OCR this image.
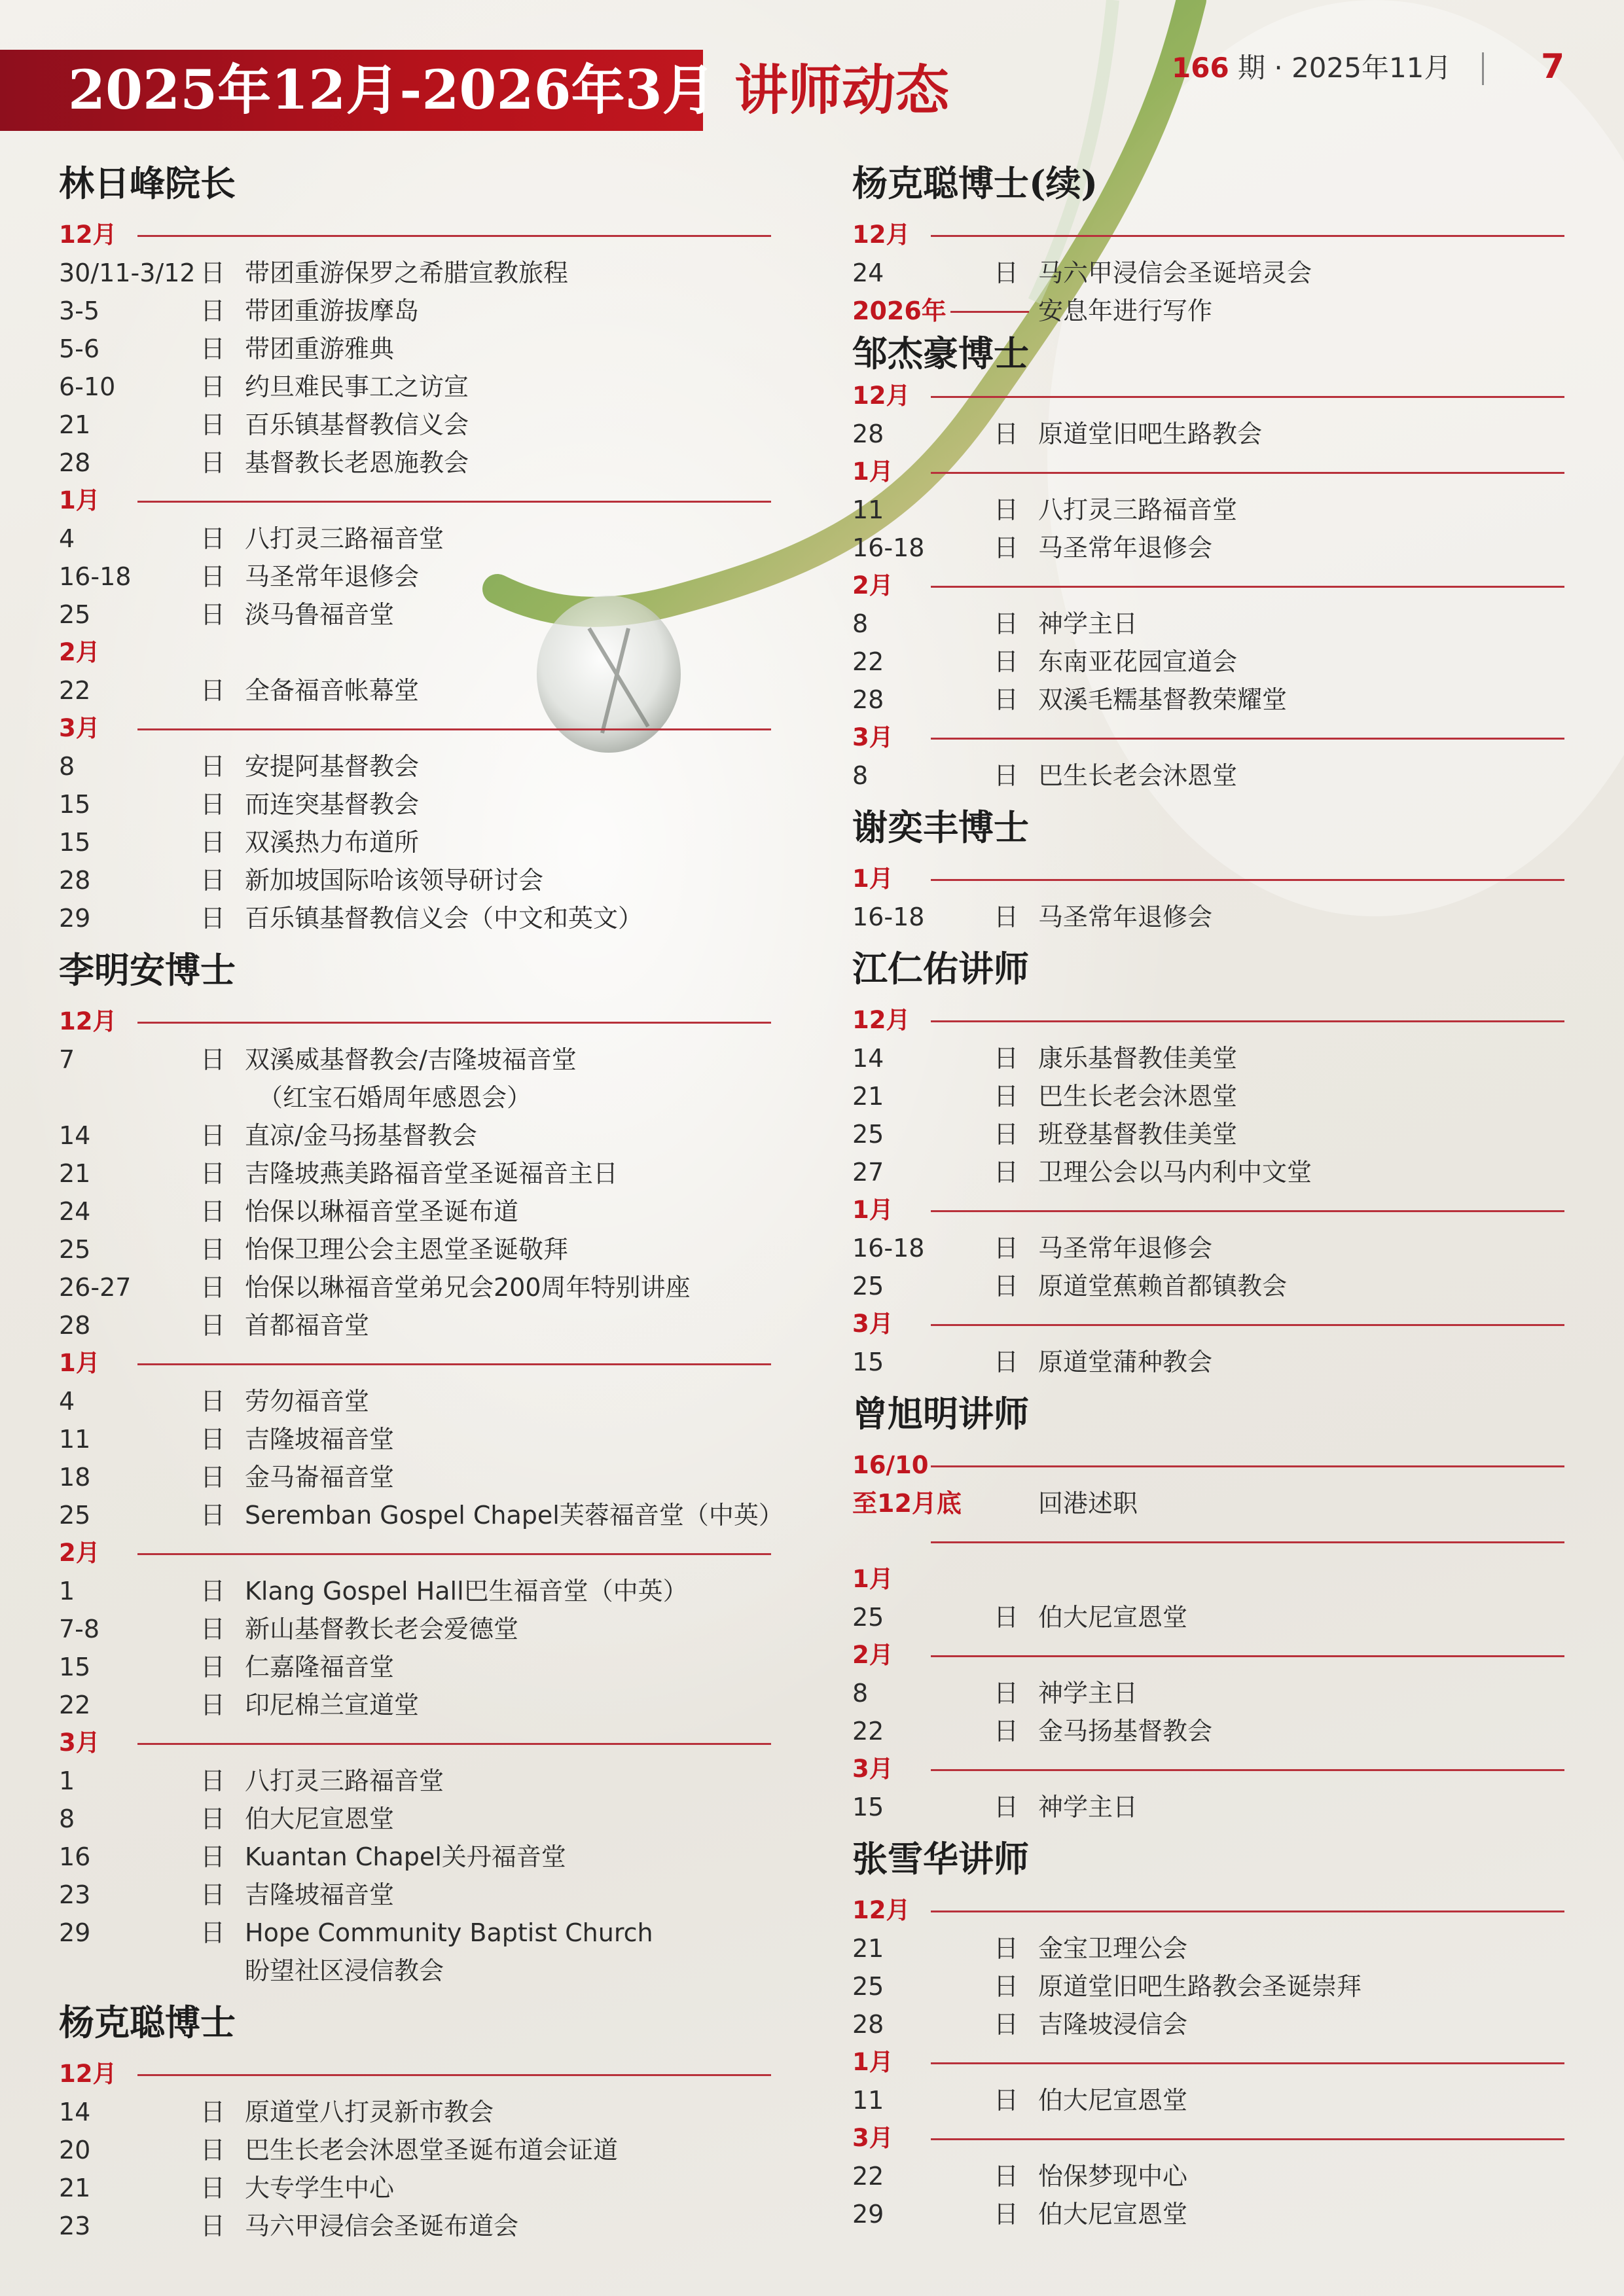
2025年12月-2026年3月 讲师动态	166 期 · 2025年11月	7
林日峰院长
12月
30/11-3/12 日 带团重游保罗之希腊宣教旅程
3-5	日 带团重游拔摩岛
5-6	日 带团重游雅典
6-10	日 约旦难民事工之访宣
21	日 百乐镇基督教信义会
28	日 基督教长老恩施教会
1月
4	日 八打灵三路福音堂
16-18	日 马圣常年退修会
25	日 淡马鲁福音堂
2月
22	日 全备福音帐幕堂
3月
8	日 安提阿基督教会
15	日 而连突基督教会
15	日 双溪热力布道所
28	日 新加坡国际哈该领导研讨会
29	日 百乐镇基督教信义会（中文和英文）
李明安博士
12月
7	日 双溪威基督教会/吉隆坡福音堂
（红宝石婚周年感恩会）
14	日 直凉/金马扬基督教会
21	日 吉隆坡燕美路福音堂圣诞福音主日
24	日 怡保以琳福音堂圣诞布道
25	日 怡保卫理公会主恩堂圣诞敬拜
26-27	日 怡保以琳福音堂弟兄会200周年特别讲座
28	日 首都福音堂
1月
4	日 劳勿福音堂
11	日 吉隆坡福音堂
18	日 金马崙福音堂
25	日 Seremban Gospel Chapel芙蓉福音堂（中英）
2月
1	日 Klang Gospel Hall巴生福音堂（中英）
7-8	日 新山基督教长老会爱德堂
15	日 仁嘉隆福音堂
22	日 印尼棉兰宣道堂
3月
1	日 八打灵三路福音堂
8	日 伯大尼宣恩堂
16	日 Kuantan Chapel关丹福音堂
23	日 吉隆坡福音堂
29	日 Hope Community Baptist Church
盼望社区浸信教会
杨克聪博士
12月
14	日 原道堂八打灵新市教会
20	日 巴生长老会沐恩堂圣诞布道会证道
21	日 大专学生中心
23	日 马六甲浸信会圣诞布道会
杨克聪博士(续)
12月
24	日 马六甲浸信会圣诞培灵会
2026年	安息年进行写作
邹杰豪博士
12月
28	日 原道堂旧吧生路教会
1月
11	日 八打灵三路福音堂
16-18	日 马圣常年退修会
2月
8	日 神学主日
22	日 东南亚花园宣道会
28	日 双溪毛糯基督教荣耀堂
3月
8	日 巴生长老会沐恩堂
谢奕丰博士
1月
16-18	日 马圣常年退修会
江仁佑讲师
12月
14	日 康乐基督教佳美堂
21	日 巴生长老会沐恩堂
25	日 班登基督教佳美堂
27	日 卫理公会以马内利中文堂
1月
16-18	日 马圣常年退修会
25	日 原道堂蕉赖首都镇教会
3月
15	日 原道堂蒲种教会
曾旭明讲师
16/10
至12月底	回港述职
1月
25	日 伯大尼宣恩堂
2月
8	日 神学主日
22	日 金马扬基督教会
3月
15	日 神学主日
张雪华讲师
12月
21	日 金宝卫理公会
25	日 原道堂旧吧生路教会圣诞崇拜
28	日 吉隆坡浸信会
1月
11	日 伯大尼宣恩堂
3月
22	日 怡保梦现中心
29	日 伯大尼宣恩堂
